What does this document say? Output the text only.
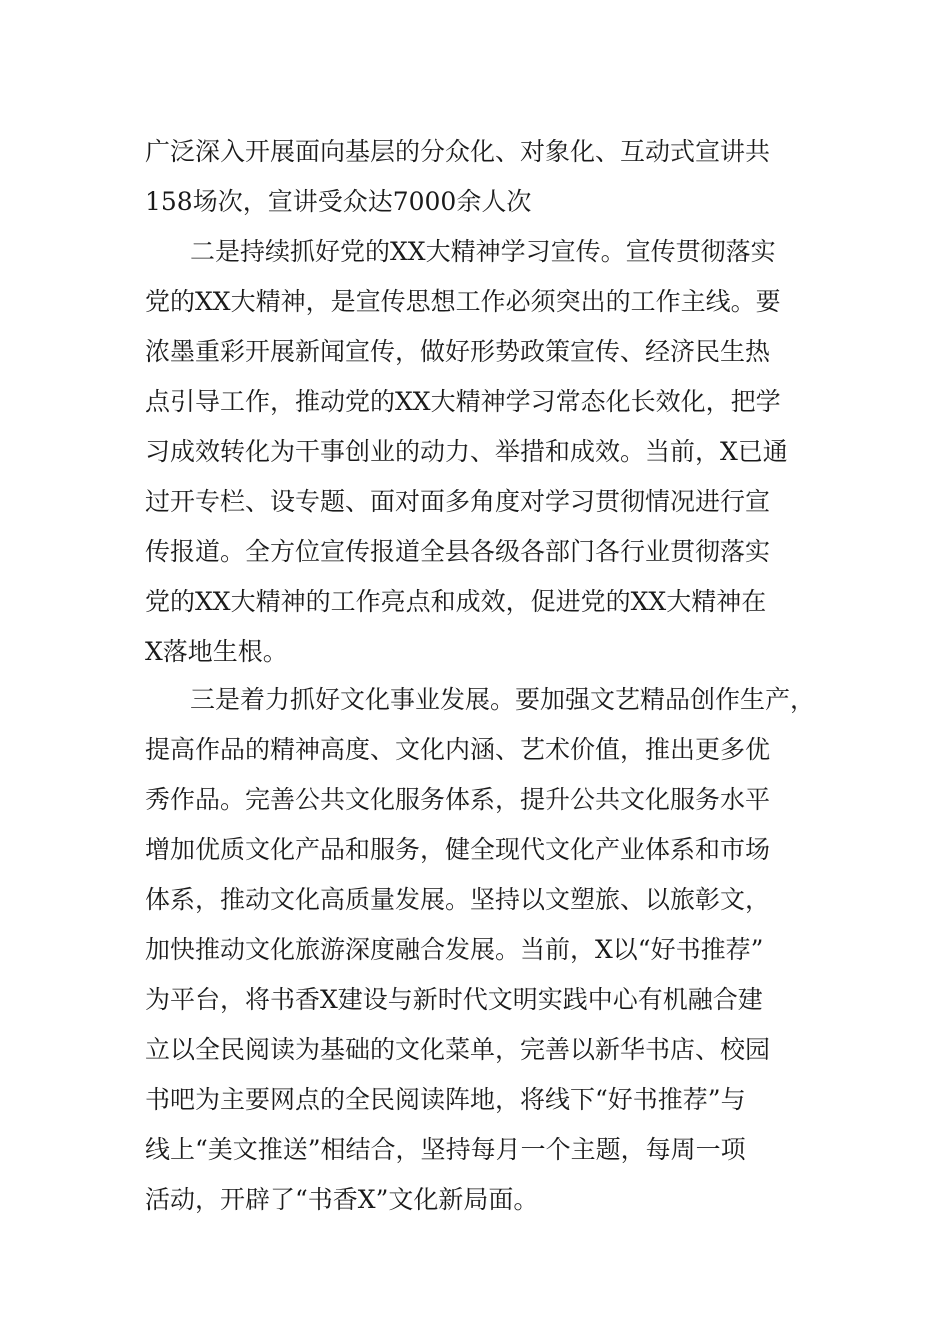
广泛深入开展面向基层的分众化、对象化、互动式宣讲共
158场次，宣讲受众达7000余人次
二是持续抓好党的XX大精神学习宣传。宣传贯彻落实
党的XX大精神，是宣传思想工作必须突出的工作主线。要
浓墨重彩开展新闻宣传，做好形势政策宣传、经济民生热
点引导工作，推动党的XX大精神学习常态化长效化，把学
习成效转化为干事创业的动力、举措和成效。当前，X已通
过开专栏、设专题、面对面多角度对学习贯彻情况进行宣
传报道。全方位宣传报道全县各级各部门各行业贯彻落实
党的XX大精神的工作亮点和成效，促进党的XX大精神在
X落地生根。
三是着力抓好文化事业发展。要加强文艺精品创作生产，
提高作品的精神高度、文化内涵、艺术价值，推出更多优
秀作品。完善公共文化服务体系，提升公共文化服务水平
增加优质文化产品和服务，健全现代文化产业体系和市场
体系，推动文化高质量发展。坚持以文塑旅、以旅彰文，
加快推动文化旅游深度融合发展。当前，X以“好书推荐”
为平台，将书香X建设与新时代文明实践中心有机融合建
立以全民阅读为基础的文化菜单，完善以新华书店、校园
书吧为主要网点的全民阅读阵地，将线下“好书推荐”与
线上“美文推送”相结合，坚持每月一个主题，每周一项
活动，开辟了“书香X”文化新局面。
